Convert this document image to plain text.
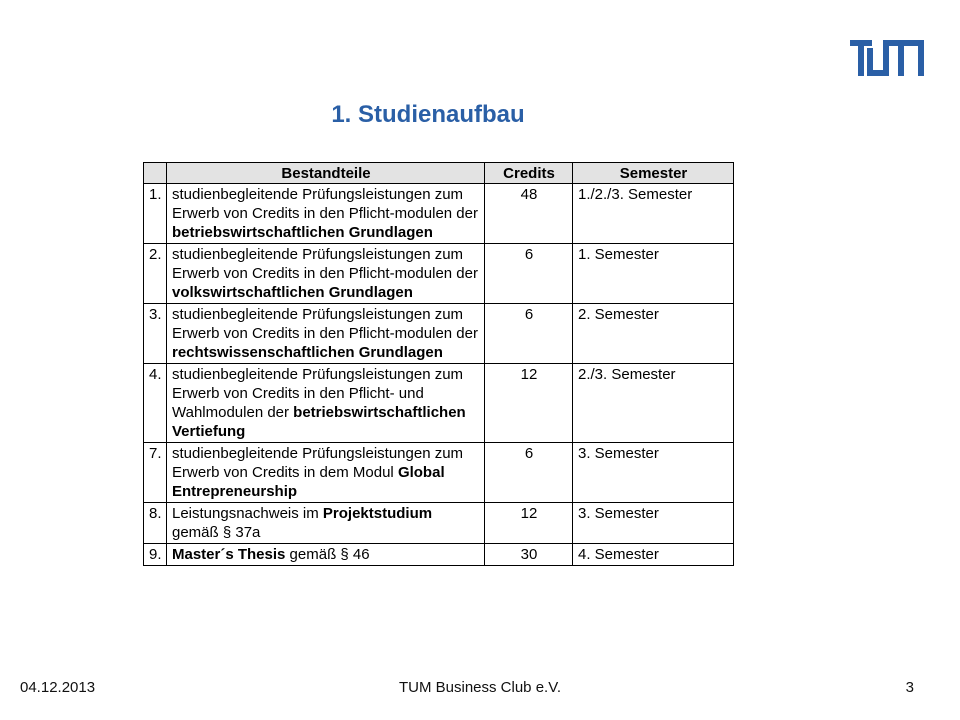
1. Studienaufbau
	Bestandteile	Credits	Semester
1.	studienbegleitende Prüfungsleistungen zum Erwerb von Credits in den Pflicht-modulen der betriebswirtschaftlichen Grundlagen	48	1./2./3. Semester
2.	studienbegleitende Prüfungsleistungen zum Erwerb von Credits in den Pflicht-modulen der volkswirtschaftlichen Grundlagen	6	1. Semester
3.	studienbegleitende Prüfungsleistungen zum Erwerb von Credits in den Pflicht-modulen der rechtswissenschaftlichen Grundlagen	6	2. Semester
4.	studienbegleitende Prüfungsleistungen zum Erwerb von Credits in den Pflicht- und Wahlmodulen der betriebswirtschaftlichen Vertiefung	12	2./3. Semester
7.	studienbegleitende Prüfungsleistungen zum Erwerb von Credits in dem Modul Global Entrepreneurship	6	3. Semester
8.	Leistungsnachweis im Projektstudium gemäß § 37a	12	3. Semester
9.	Master´s Thesis gemäß § 46	30	4. Semester
04.12.2013	TUM Business Club e.V.	3
